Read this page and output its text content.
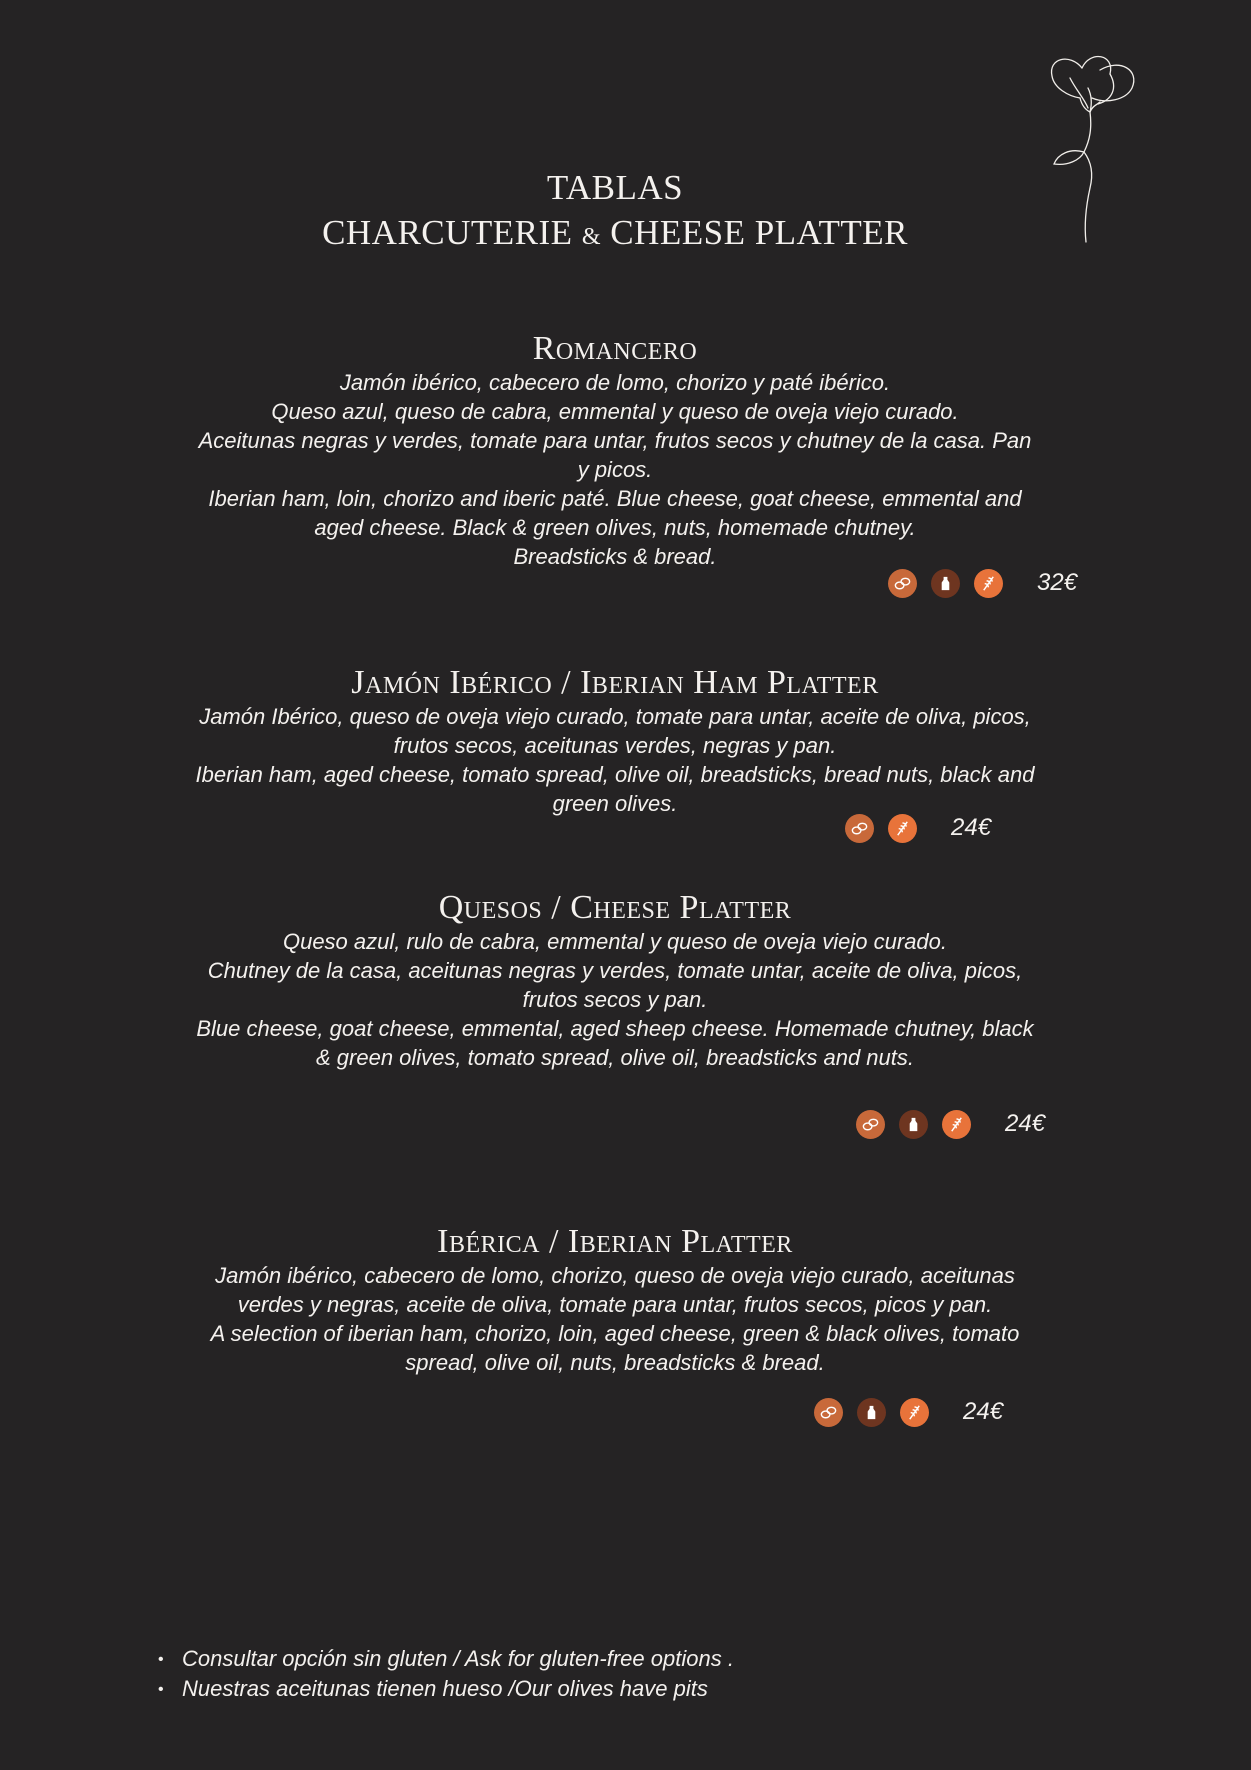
TABLAS
CHARCUTERIE & CHEESE PLATTER
Romancero
Jamón ibérico, cabecero de lomo, chorizo y paté ibérico.
Queso azul, queso de cabra, emmental y queso de oveja viejo curado.
Aceitunas negras y verdes, tomate para untar, frutos secos y chutney de la casa. Pan
y picos.
Iberian ham, loin, chorizo and iberic paté. Blue cheese, goat cheese, emmental and
aged cheese. Black & green olives, nuts, homemade chutney.
Breadsticks & bread.
32€
Jamón Ibérico / Iberian Ham Platter
Jamón Ibérico, queso de oveja viejo curado, tomate para untar, aceite de oliva, picos,
frutos secos, aceitunas verdes, negras y pan.
Iberian ham, aged cheese, tomato spread, olive oil, breadsticks, bread nuts, black and
green olives.
24€
Quesos / Cheese Platter
Queso azul, rulo de cabra, emmental y queso de oveja viejo curado.
Chutney de la casa, aceitunas negras y verdes, tomate untar, aceite de oliva, picos,
frutos secos y pan.
Blue cheese, goat cheese, emmental, aged sheep cheese. Homemade chutney, black
& green olives, tomato spread, olive oil, breadsticks and nuts.
24€
Ibérica / Iberian Platter
Jamón ibérico, cabecero de lomo, chorizo, queso de oveja viejo curado, aceitunas
verdes y negras, aceite de oliva, tomate para untar, frutos secos, picos y pan.
A selection of iberian ham, chorizo, loin, aged cheese, green & black olives, tomato
spread, olive oil, nuts, breadsticks & bread.
24€
• Consultar opción sin gluten / Ask for gluten-free options .
• Nuestras aceitunas tienen hueso /Our olives have pits
